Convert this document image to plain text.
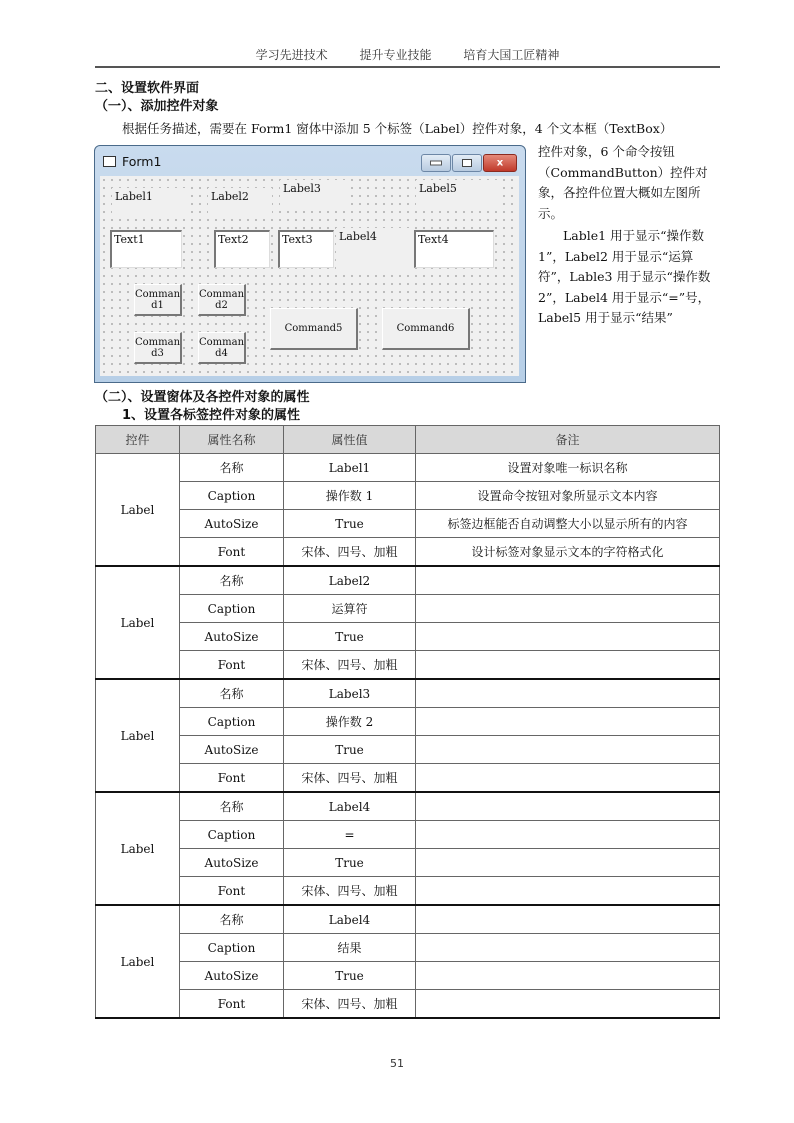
学习先进技术	提升专业技能	培育大国工匠精神
二、设置软件界面
（一）、添加控件对象
根据任务描述，需要在 Form1 窗体中添加 5 个标签（Label）控件对象，4 个文本框（TextBox）

控件对象，6 个命令按钮（CommandButton）控件对象，各控件位置大概如左图所示。

Lable1 用于显示“操作数 1”，Label2 用于显示“运算符”，Lable3 用于显示“操作数 2”，Label4 用于显示“=”号，Label5 用于显示“结果”

Form1	x
Label1	Label2
Label3
Label4
Label5
Text1	Text2	Text3	Text4
Comman d1
Comman d2
Comman d3
Comman d4
Command5	Command6
（二）、设置窗体及各控件对象的属性
1、设置各标签控件对象的属性
控件	属性名称	属性值	备注
Label	名称	Label1	设置对象唯一标识名称
	Caption	操作数 1	设置命令按钮对象所显示文本内容
	AutoSize	True	标签边框能否自动调整大小以显示所有的内容
	Font	宋体、四号、加粗	设计标签对象显示文本的字符格式化
Label	名称	Label2	
	Caption	运算符	
	AutoSize	True	
	Font	宋体、四号、加粗	
Label	名称	Label3	
	Caption	操作数 2	
	AutoSize	True	
	Font	宋体、四号、加粗	
Label	名称	Label4	
	Caption	=	
	AutoSize	True	
	Font	宋体、四号、加粗	
Label	名称	Label4	
	Caption	结果	
	AutoSize	True	
	Font	宋体、四号、加粗	
51
